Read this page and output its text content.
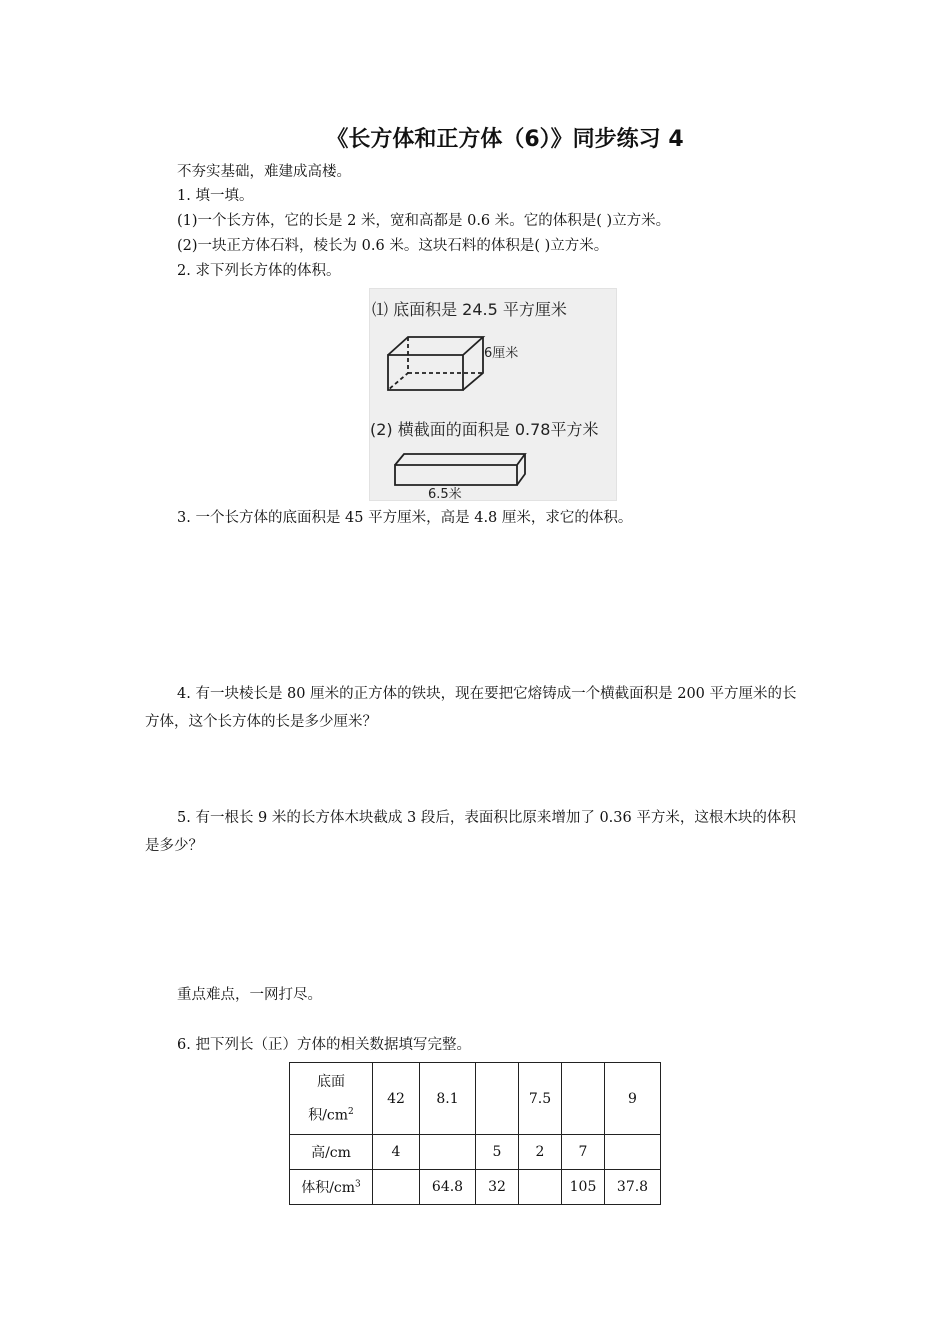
《长方体和正方体（6）》同步练习 4
不夯实基础，难建成高楼。
1. 填一填。
(1)一个长方体，它的长是 2 米，宽和高都是 0.6 米。它的体积是( )立方米。
(2)一块正方体石料，棱长为 0.6 米。这块石料的体积是( )立方米。
2. 求下列长方体的体积。
⑴ 底面积是 24.5 平方厘米
6厘米
(2) 横截面的面积是 0.78平方米
6.5米
3. 一个长方体的底面积是 45 平方厘米，高是 4.8 厘米，求它的体积。
4. 有一块棱长是 80 厘米的正方体的铁块，现在要把它熔铸成一个横截面积是 200 平方厘米的长方体，这个长方体的长是多少厘米？
5. 有一根长 9 米的长方体木块截成 3 段后，表面积比原来增加了 0.36 平方米，这根木块的体积是多少？
重点难点，一网打尽。
6. 把下列长（正）方体的相关数据填写完整。
底面
积$/cm^2$	42	8.1		7.5		9
高/cm	4		5	2	7	
体积$/cm^3$		64.8	32		105	37.8
